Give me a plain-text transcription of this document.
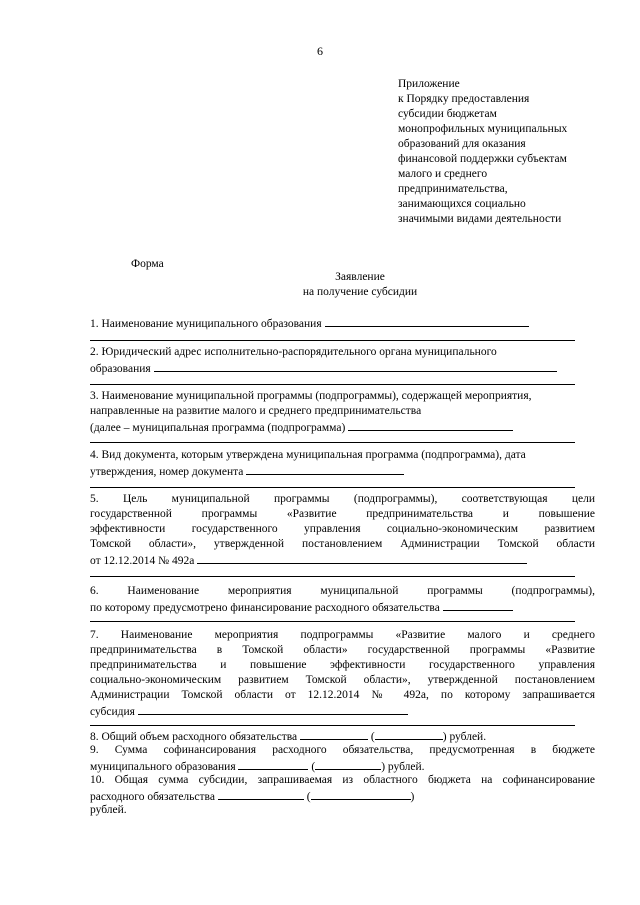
6
Приложение
к Порядку предоставления
субсидии бюджетам
монопрофильных муниципальных
образований для оказания
финансовой поддержки субъектам
малого и среднего
предпринимательства,
занимающихся социально
значимыми видами деятельности
Форма
Заявление
на получение субсидии
1. Наименование муниципального образования
2. Юридический адрес исполнительно-распорядительного органа муниципального
образования
3. Наименование муниципальной программы (подпрограммы), содержащей мероприятия,
направленные на развитие малого и среднего предпринимательства
(далее – муниципальная программа (подпрограмма)
4. Вид документа, которым утверждена муниципальная программа (подпрограмма), дата
утверждения, номер документа
5. Цель муниципальной программы (подпрограммы), соответствующая цели
государственной программы «Развитие предпринимательства и повышение
эффективности государственного управления социально-экономическим развитием
Томской области», утвержденной постановлением Администрации Томской области
от 12.12.2014 № 492а
6. Наименование мероприятия муниципальной программы (подпрограммы),
по которому предусмотрено финансирование расходного обязательства
7. Наименование мероприятия подпрограммы «Развитие малого и среднего
предпринимательства в Томской области» государственной программы «Развитие
предпринимательства и повышение эффективности государственного управления
социально-экономическим развитием Томской области», утвержденной постановлением
Администрации Томской области от 12.12.2014 № 492а, по которому запрашивается
субсидия
8. Общий объем расходного обязательства	(	) рублей.
9. Сумма софинансирования расходного обязательства, предусмотренная в бюджете
муниципального образования	(	) рублей.
10. Общая сумма субсидии, запрашиваемая из областного бюджета на софинансирование
расходного обязательства	(	)
рублей.
